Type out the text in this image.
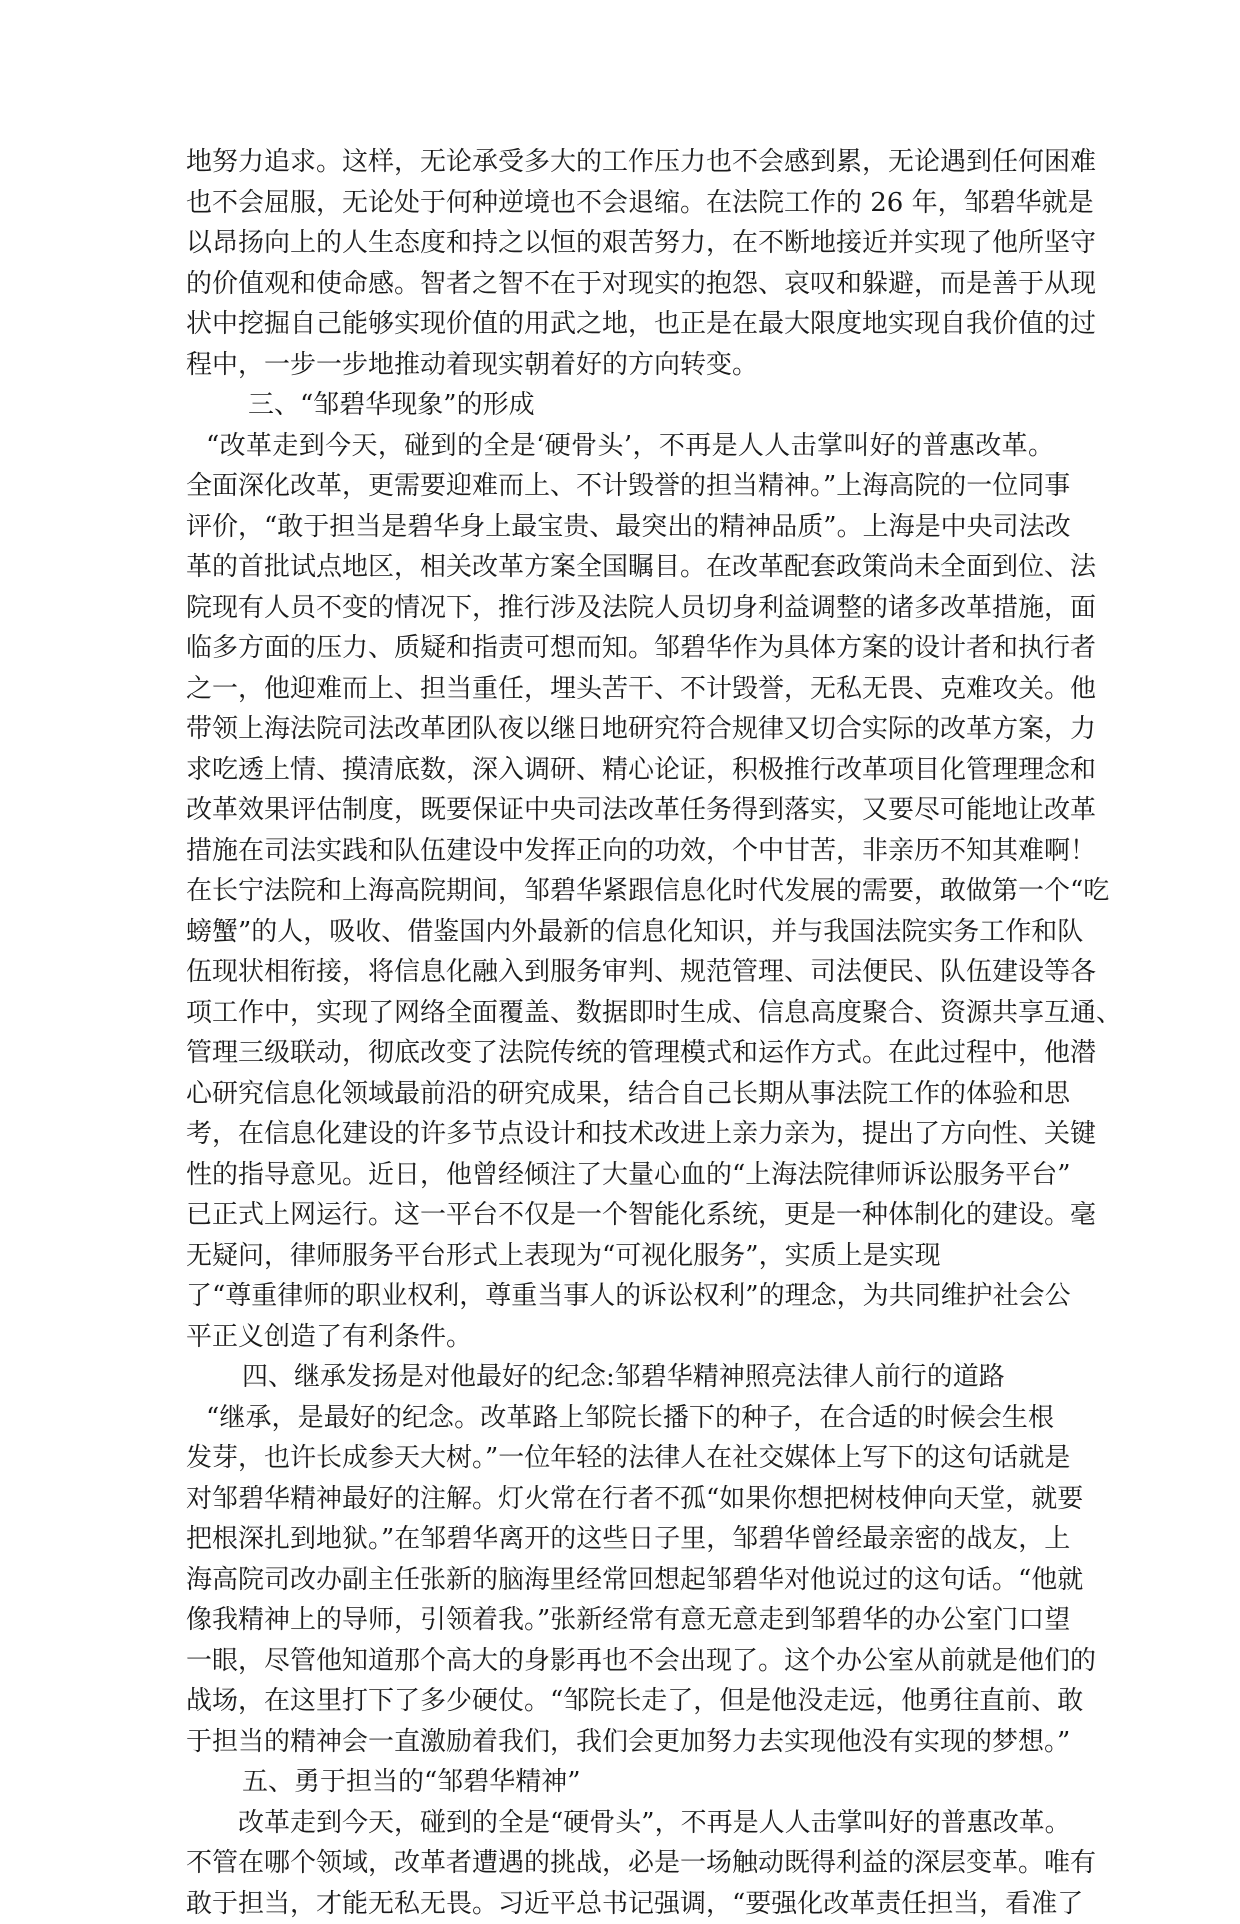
地努力追求。这样，无论承受多大的工作压力也不会感到累，无论遇到任何困难
也不会屈服，无论处于何种逆境也不会退缩。在法院工作的 26 年，邹碧华就是
以昂扬向上的人生态度和持之以恒的艰苦努力，在不断地接近并实现了他所坚守
的价值观和使命感。智者之智不在于对现实的抱怨、哀叹和躲避，而是善于从现
状中挖掘自己能够实现价值的用武之地，也正是在最大限度地实现自我价值的过
程中，一步一步地推动着现实朝着好的方向转变。

三、“邹碧华现象”的形成

“改革走到今天，碰到的全是‘硬骨头’，不再是人人击掌叫好的普惠改革。
全面深化改革，更需要迎难而上、不计毁誉的担当精神。”上海高院的一位同事
评价，“敢于担当是碧华身上最宝贵、最突出的精神品质”。上海是中央司法改
革的首批试点地区，相关改革方案全国瞩目。在改革配套政策尚未全面到位、法
院现有人员不变的情况下，推行涉及法院人员切身利益调整的诸多改革措施，面
临多方面的压力、质疑和指责可想而知。邹碧华作为具体方案的设计者和执行者
之一，他迎难而上、担当重任，埋头苦干、不计毁誉，无私无畏、克难攻关。他
带领上海法院司法改革团队夜以继日地研究符合规律又切合实际的改革方案，力
求吃透上情、摸清底数，深入调研、精心论证，积极推行改革项目化管理理念和
改革效果评估制度，既要保证中央司法改革任务得到落实，又要尽可能地让改革
措施在司法实践和队伍建设中发挥正向的功效，个中甘苦，非亲历不知其难啊！
在长宁法院和上海高院期间，邹碧华紧跟信息化时代发展的需要，敢做第一个“吃
螃蟹”的人，吸收、借鉴国内外最新的信息化知识，并与我国法院实务工作和队
伍现状相衔接，将信息化融入到服务审判、规范管理、司法便民、队伍建设等各
项工作中，实现了网络全面覆盖、数据即时生成、信息高度聚合、资源共享互通、
管理三级联动，彻底改变了法院传统的管理模式和运作方式。在此过程中，他潜
心研究信息化领域最前沿的研究成果，结合自己长期从事法院工作的体验和思
考，在信息化建设的许多节点设计和技术改进上亲力亲为，提出了方向性、关键
性的指导意见。近日，他曾经倾注了大量心血的“上海法院律师诉讼服务平台”
已正式上网运行。这一平台不仅是一个智能化系统，更是一种体制化的建设。毫
无疑问，律师服务平台形式上表现为“可视化服务”，实质上是实现
了“尊重律师的职业权利，尊重当事人的诉讼权利”的理念，为共同维护社会公
平正义创造了有利条件。

四、继承发扬是对他最好的纪念:邹碧华精神照亮法律人前行的道路

“继承，是最好的纪念。改革路上邹院长播下的种子，在合适的时候会生根
发芽，也许长成参天大树。”一位年轻的法律人在社交媒体上写下的这句话就是
对邹碧华精神最好的注解。灯火常在行者不孤“如果你想把树枝伸向天堂，就要
把根深扎到地狱。”在邹碧华离开的这些日子里，邹碧华曾经最亲密的战友，上
海高院司改办副主任张新的脑海里经常回想起邹碧华对他说过的这句话。“他就
像我精神上的导师，引领着我。”张新经常有意无意走到邹碧华的办公室门口望
一眼，尽管他知道那个高大的身影再也不会出现了。这个办公室从前就是他们的
战场，在这里打下了多少硬仗。“邹院长走了，但是他没走远，他勇往直前、敢
于担当的精神会一直激励着我们，我们会更加努力去实现他没有实现的梦想。”

五、勇于担当的“邹碧华精神”

改革走到今天，碰到的全是“硬骨头”，不再是人人击掌叫好的普惠改革。
不管在哪个领域，改革者遭遇的挑战，必是一场触动既得利益的深层变革。唯有
敢于担当，才能无私无畏。习近平总书记强调，“要强化改革责任担当，看准了
